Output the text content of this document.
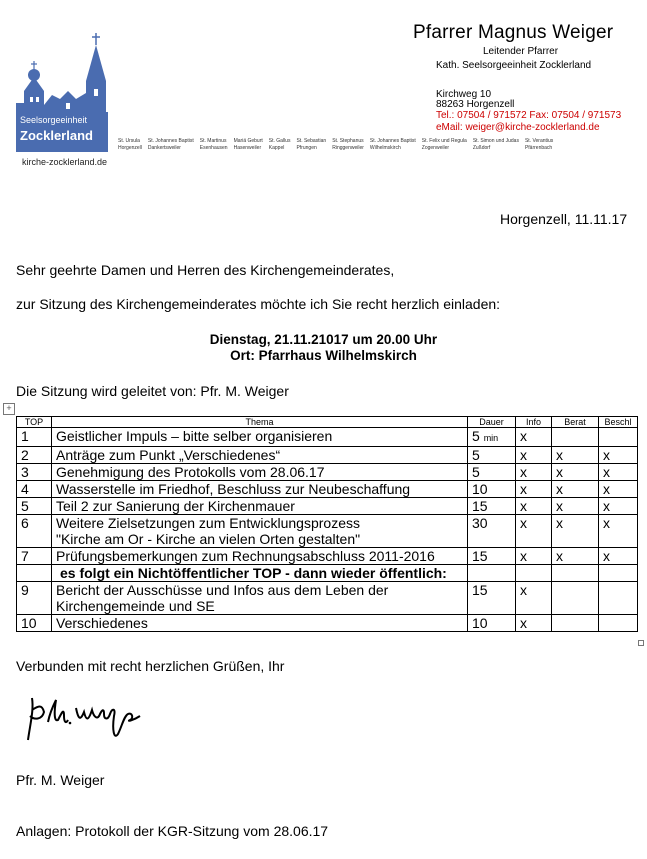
Seelsorgeeinheit
Zocklerland
kirche-zocklerland.de
Pfarrer Magnus Weiger
Leitender Pfarrer
Kath. Seelsorgeeinheit Zocklerland
Kirchweg 10
88263 Horgenzell
Tel.: 07504 / 971572 Fax: 07504 / 971573
eMail: weiger@kirche-zocklerland.de
St. Ursula
Horgenzell
St. Johannes Baptist
Dankertsweiler
St. Martinus
Esenhausen
Mariä Geburt
Hasenweiler
St. Gallus
Kappel
St. Sebastian
Pfrungen
St. Stephanus
Ringgenweiler
St. Johannes Baptist
Wilhelmskirch
St. Felix und Regula
Zogenweiler
St. Simon und Judas
Zußdorf
St. Verantius
Pfärrenbach
Horgenzell, 11.11.17
Sehr geehrte Damen und Herren des Kirchengemeinderates,
zur Sitzung des Kirchengemeinderates möchte ich Sie recht herzlich einladen:
Dienstag, 21.11.21017 um 20.00 Uhr
Ort: Pfarrhaus Wilhelmskirch
Die Sitzung wird geleitet von: Pfr. M. Weiger
+
TOP	Thema	Dauer	Info	Berat	Beschl
1	Geistlicher Impuls – bitte selber organisieren	5 min	x		
2	Anträge zum Punkt „Verschiedenes“	5	x	x	x
3	Genehmigung des Protokolls vom 28.06.17	5	x	x	x
4	Wasserstelle im Friedhof, Beschluss zur Neubeschaffung	10	x	x	x
5	Teil 2 zur Sanierung der Kirchenmauer	15	x	x	x
6	Weitere Zielsetzungen zum Entwicklungsprozess
"Kirche am Or - Kirche an vielen Orten gestalten"	30	x	x	x
7	Prüfungsbemerkungen zum Rechnungsabschluss 2011-2016	15	x	x	x

	es folgt ein Nichtöffentlicher TOP - dann wieder öffentlich:				

9	Bericht der Ausschüsse und Infos aus dem Leben der
Kirchengemeinde und SE	15	x		
10	Verschiedenes	10	x		
Verbunden mit recht herzlichen Grüßen, Ihr
Pfr. M. Weiger
Anlagen: Protokoll der KGR-Sitzung vom 28.06.17
